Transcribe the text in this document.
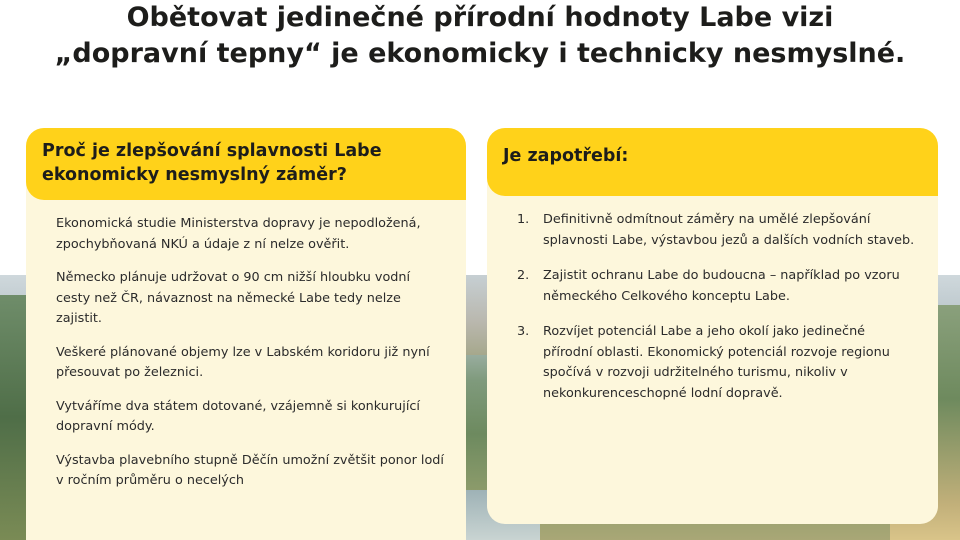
Obětovat jedinečné přírodní hodnoty Labe vizi
„dopravní tepny“ je ekonomicky i technicky nesmyslné.
Proč je zlepšování splavnosti Labe
ekonomicky nesmyslný záměr?

Ekonomická studie Ministerstva dopravy je nepodložená, zpochybňovaná NKÚ a údaje z ní nelze ověřit.

Německo plánuje udržovat o 90 cm nižší hloubku vodní cesty než ČR, návaznost na německé Labe tedy nelze zajistit.

Veškeré plánované objemy lze v Labském koridoru již nyní přesouvat po železnici.

Vytváříme dva státem dotované, vzájemně si konkurující dopravní módy.

Výstavba plavebního stupně Děčín umožní zvětšit ponor lodí v ročním průměru o necelých

Je zapotřebí:
1. Definitivně odmítnout záměry na umělé zlepšování splavnosti Labe, výstavbou jezů a dalších vodních staveb.
2. Zajistit ochranu Labe do budoucna – například po vzoru německého Celkového konceptu Labe.
3. Rozvíjet potenciál Labe a jeho okolí jako jedinečné přírodní oblasti. Ekonomický potenciál rozvoje regionu spočívá v rozvoji udržitelného turismu, nikoliv v nekonkurenceschopné lodní dopravě.
